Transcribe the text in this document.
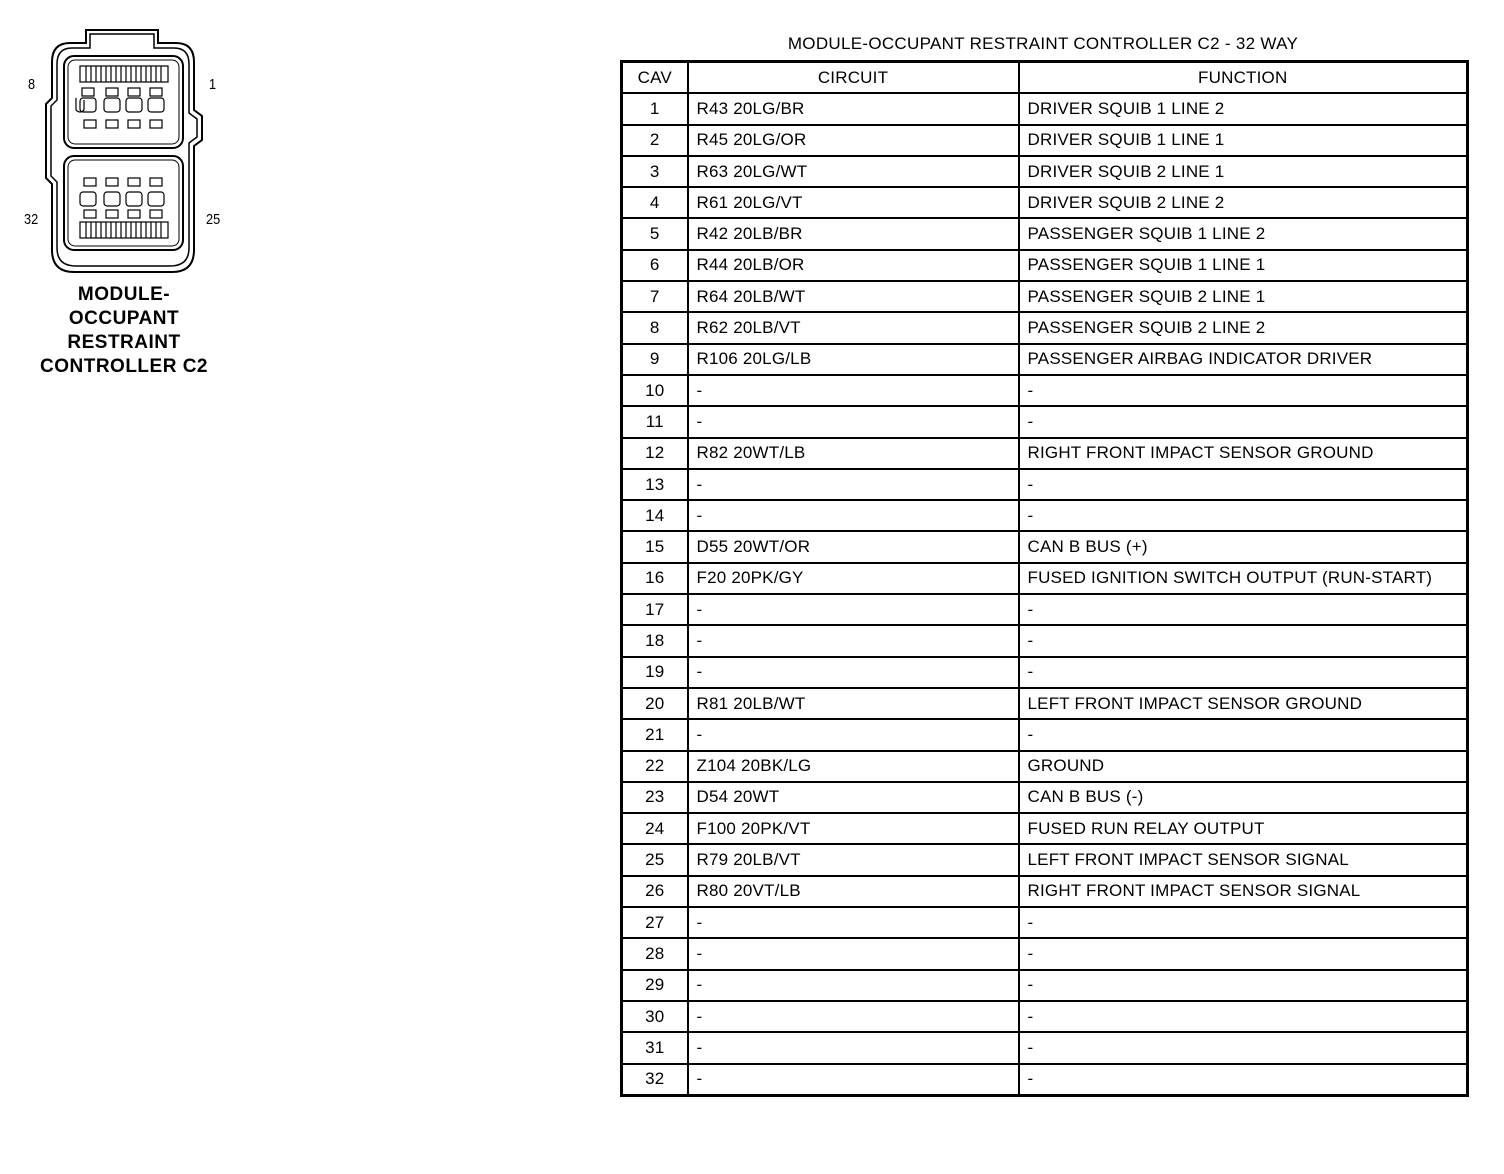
8	1
32	25
MODULE-
OCCUPANT
RESTRAINT
CONTROLLER C2
MODULE-OCCUPANT RESTRAINT CONTROLLER C2 - 32 WAY
CAV	CIRCUIT	FUNCTION
1	R43 20LG/BR	DRIVER SQUIB 1 LINE 2
2	R45 20LG/OR	DRIVER SQUIB 1 LINE 1
3	R63 20LG/WT	DRIVER SQUIB 2 LINE 1
4	R61 20LG/VT	DRIVER SQUIB 2 LINE 2
5	R42 20LB/BR	PASSENGER SQUIB 1 LINE 2
6	R44 20LB/OR	PASSENGER SQUIB 1 LINE 1
7	R64 20LB/WT	PASSENGER SQUIB 2 LINE 1
8	R62 20LB/VT	PASSENGER SQUIB 2 LINE 2
9	R106 20LG/LB	PASSENGER AIRBAG INDICATOR DRIVER
10	-	-
11	-	-
12	R82 20WT/LB	RIGHT FRONT IMPACT SENSOR GROUND
13	-	-
14	-	-
15	D55 20WT/OR	CAN B BUS (+)
16	F20 20PK/GY	FUSED IGNITION SWITCH OUTPUT (RUN-START)
17	-	-
18	-	-
19	-	-
20	R81 20LB/WT	LEFT FRONT IMPACT SENSOR GROUND
21	-	-
22	Z104 20BK/LG	GROUND
23	D54 20WT	CAN B BUS (-)
24	F100 20PK/VT	FUSED RUN RELAY OUTPUT
25	R79 20LB/VT	LEFT FRONT IMPACT SENSOR SIGNAL
26	R80 20VT/LB	RIGHT FRONT IMPACT SENSOR SIGNAL
27	-	-
28	-	-
29	-	-
30	-	-
31	-	-
32	-	-
